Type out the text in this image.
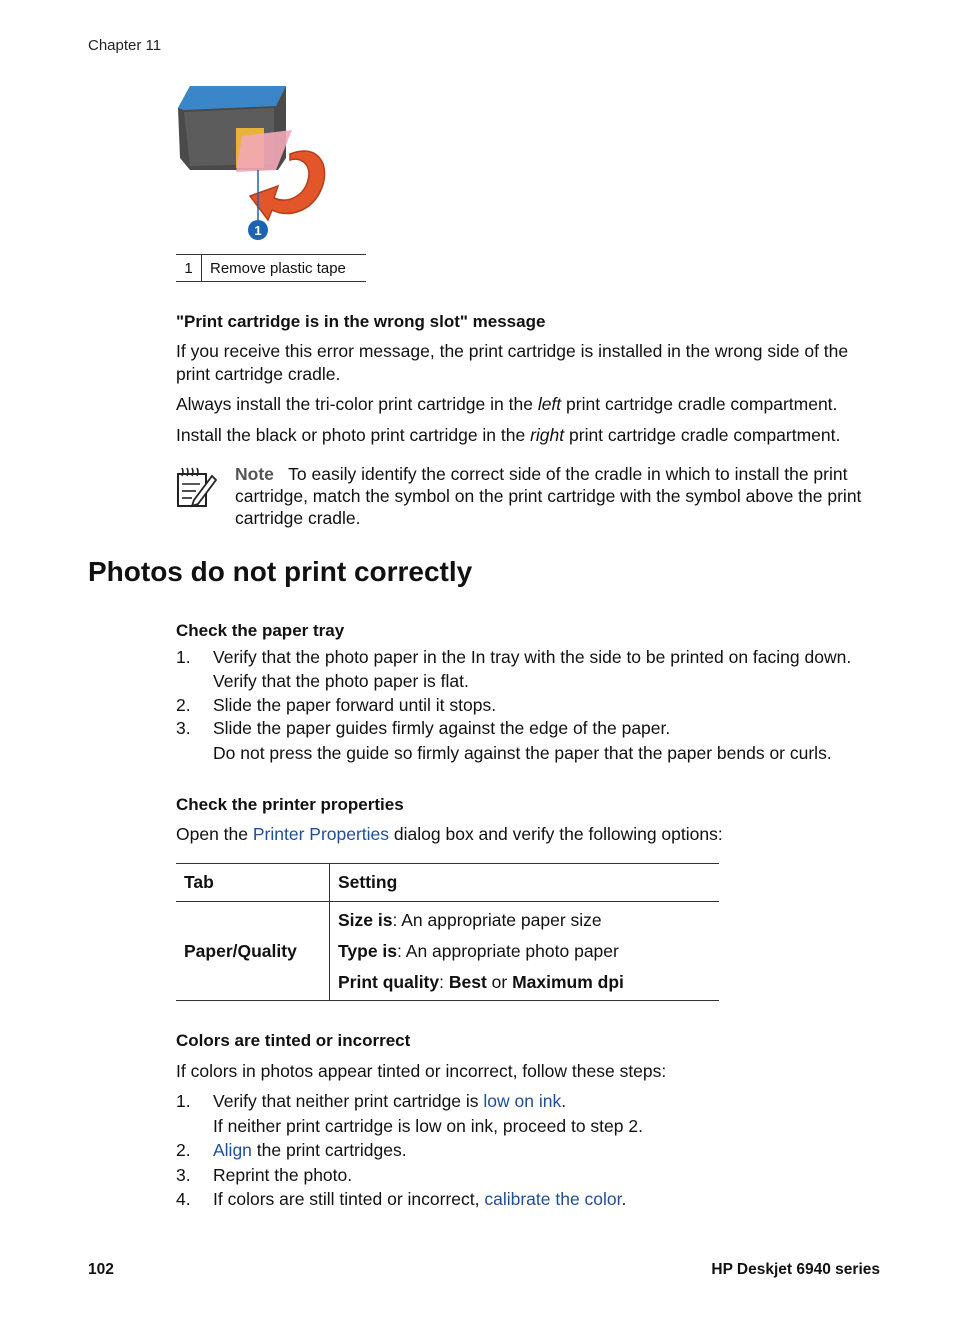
Chapter 11
1
1	Remove plastic tape
"Print cartridge is in the wrong slot" message
If you receive this error message, the print cartridge is installed in the wrong side of the print cartridge cradle.
Always install the tri-color print cartridge in the left print cartridge cradle compartment.
Install the black or photo print cartridge in the right print cartridge cradle compartment.
Note To easily identify the correct side of the cradle in which to install the print cartridge, match the symbol on the print cartridge with the symbol above the print cartridge cradle.
Photos do not print correctly
Check the paper tray
1. Verify that the photo paper in the In tray with the side to be printed on facing down.
Verify that the photo paper is flat.
2. Slide the paper forward until it stops.
3. Slide the paper guides firmly against the edge of the paper.
Do not press the guide so firmly against the paper that the paper bends or curls.
Check the printer properties
Open the Printer Properties dialog box and verify the following options:
Tab	Setting
Paper/Quality	Size is: An appropriate paper size
Type is: An appropriate photo paper
Print quality: Best or Maximum dpi
Colors are tinted or incorrect
If colors in photos appear tinted or incorrect, follow these steps:
1. Verify that neither print cartridge is low on ink.
If neither print cartridge is low on ink, proceed to step 2.
2. Align the print cartridges.
3. Reprint the photo.
4. If colors are still tinted or incorrect, calibrate the color.
102	HP Deskjet 6940 series
